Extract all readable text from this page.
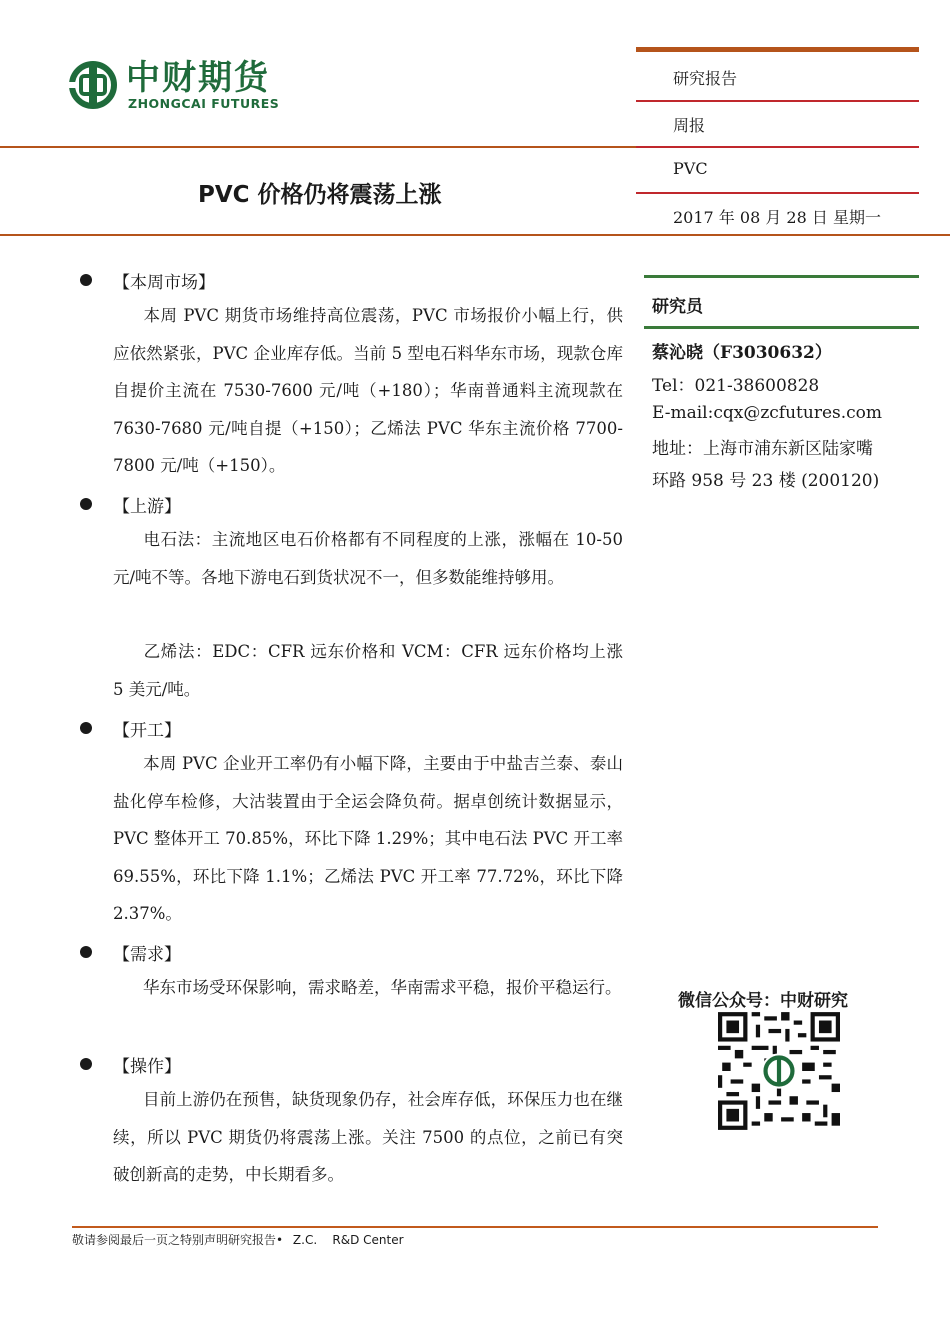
中财期货
ZHONGCAI FUTURES
研究报告
周报
PVC
2017 年 08 月 28 日 星期一
PVC 价格仍将震荡上涨
【本周市场】
本周 PVC 期货市场维持高位震荡，PVC 市场报价小幅上行，供应依然紧张，PVC 企业库存低。当前 5 型电石料华东市场，现款仓库自提价主流在 7530-7600 元/吨（+180）；华南普通料主流现款在 7630-7680 元/吨自提（+150）；乙烯法 PVC 华东主流价格 7700-7800 元/吨（+150）。
【上游】
电石法：主流地区电石价格都有不同程度的上涨，涨幅在 10-50 元/吨不等。各地下游电石到货状况不一，但多数能维持够用。
乙烯法：EDC：CFR 远东价格和 VCM：CFR 远东价格均上涨 5 美元/吨。
【开工】
本周 PVC 企业开工率仍有小幅下降，主要由于中盐吉兰泰、泰山盐化停车检修，大沽装置由于全运会降负荷。据卓创统计数据显示，PVC 整体开工 70.85%，环比下降 1.29%；其中电石法 PVC 开工率 69.55%，环比下降 1.1%；乙烯法 PVC 开工率 77.72%，环比下降 2.37%。
【需求】
华东市场受环保影响，需求略差，华南需求平稳，报价平稳运行。
【操作】
目前上游仍在预售，缺货现象仍存，社会库存低，环保压力也在继续，所以 PVC 期货仍将震荡上涨。关注 7500 的点位，之前已有突破创新高的走势，中长期看多。
研究员
蔡沁晓（F3030632）
Tel：021-38600828
E-mail:cqx@zcfutures.com
地址：上海市浦东新区陆家嘴
环路 958 号 23 楼 (200120)
微信公众号：中财研究
敬请参阅最后一页之特别声明研究报告• Z.C.    R&D Center
